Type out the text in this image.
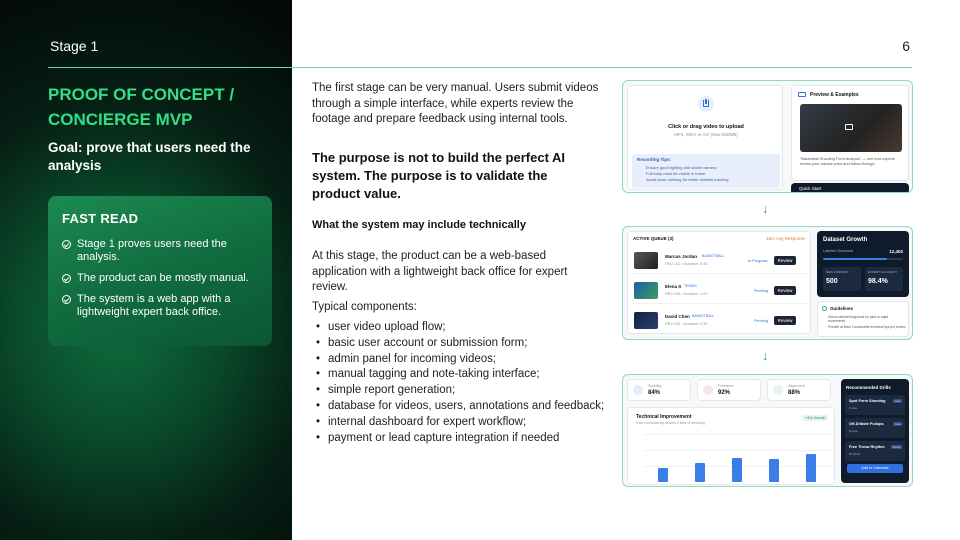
Stage 1	6
PROOF OF CONCEPT / CONCIERGE MVP
Goal: prove that users need the analysis
FAST READ
Stage 1 proves users need the analysis.
The product can be mostly manual.
The system is a web app with a lightweight expert back office.
The first stage can be very manual. Users submit videos through a simple interface, while experts review the footage and prepare feedback using internal tools.
The purpose is not to build the perfect AI system. The purpose is to validate the product value.
What the system may include technically
At this stage, the product can be a web-based application with a lightweight back office for expert review.
Typical components:
• user video upload flow;
• basic user account or submission form;
• admin panel for incoming videos;
• manual tagging and note-taking interface;
• simple report generation;
• database for videos, users, annotations and feedback;
• internal dashboard for expert workflow;
• payment or lead capture integration if needed
Click or drag video to upload
MP4, MOV or AVI (Max 500MB)
Recording Tips:
Ensure good lighting and stable camera
Full body must be visible in frame
Avoid loose clothing for better skeletal tracking
Preview & Examples
"Basketball Shooting Form Analysis" — see how experts review your release point and follow-through.
Quick Start
↓
ACTIVE QUEUE (3)	15m Avg Response
Marcus Jordan BASKETBALL
REV-102 • Duration: 0:45
In Progress	Review
Elena S TENNIS
REV-103 • Duration: 1:20
Pending	Review
David Chen BASKETBALL
REV-103 • Duration: 0:30
Pending	Review
Dataset Growth
Labeled Sessions	12,402
NEW CURRENT
500
EXPERT ACCURACY
98.4%
Guidelines
Check skeletal keypoints for joint or rapid movements
Provide at least 3 actionable technical tips per review
↓
Stability
84%
Precision
92%
Alignment
88%
Technical Improvement
Form consistency across 4 sets of shooting
+4% Overall
Recommended Drills
Spot Form Shooting
3 sets
Core
Off-Dribble Pullups
8 reps
Core
Free Throw Rhythm
50 shots
Timing
Add to Calendar
